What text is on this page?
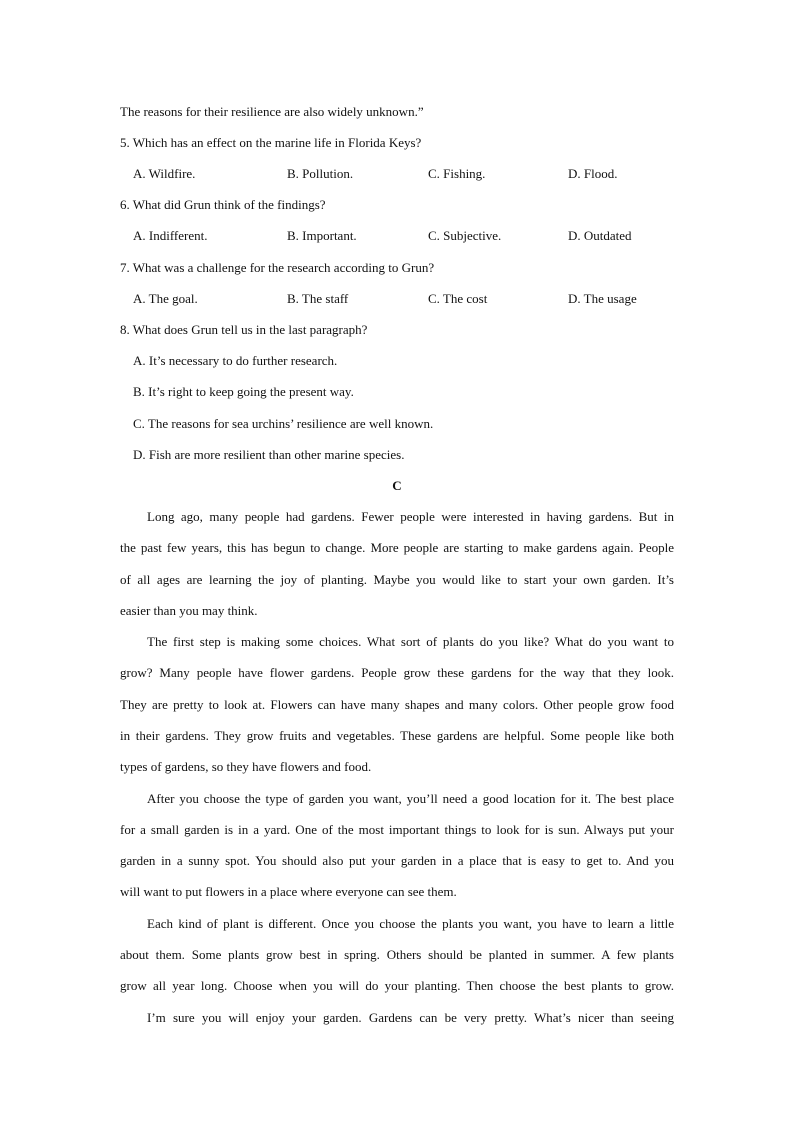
The reasons for their resilience are also widely unknown.”
5. Which has an effect on the marine life in Florida Keys?
A. Wildfire.	B. Pollution.	C. Fishing.	D. Flood.
6. What did Grun think of the findings?
A. Indifferent.	B. Important.	C. Subjective.	D. Outdated
7. What was a challenge for the research according to Grun?
A. The goal.	B. The staff	C. The cost	D. The usage
8. What does Grun tell us in the last paragraph?
A. It’s necessary to do further research.
B. It’s right to keep going the present way.
C. The reasons for sea urchins’ resilience are well known.
D. Fish are more resilient than other marine species.
C
Long ago, many people had gardens. Fewer people were interested in having gardens. But in
the past few years, this has begun to change. More people are starting to make gardens again. People
of all ages are learning the joy of planting. Maybe you would like to start your own garden. It’s
easier than you may think.
The first step is making some choices. What sort of plants do you like? What do you want to
grow? Many people have flower gardens. People grow these gardens for the way that they look.
They are pretty to look at. Flowers can have many shapes and many colors. Other people grow food
in their gardens. They grow fruits and vegetables. These gardens are helpful. Some people like both
types of gardens, so they have flowers and food.
After you choose the type of garden you want, you’ll need a good location for it. The best place
for a small garden is in a yard. One of the most important things to look for is sun. Always put your
garden in a sunny spot. You should also put your garden in a place that is easy to get to. And you
will want to put flowers in a place where everyone can see them.
Each kind of plant is different. Once you choose the plants you want, you have to learn a little
about them. Some plants grow best in spring. Others should be planted in summer. A few plants
grow all year long. Choose when you will do your planting. Then choose the best plants to grow.
I’m sure you will enjoy your garden. Gardens can be very pretty. What’s nicer than seeing
